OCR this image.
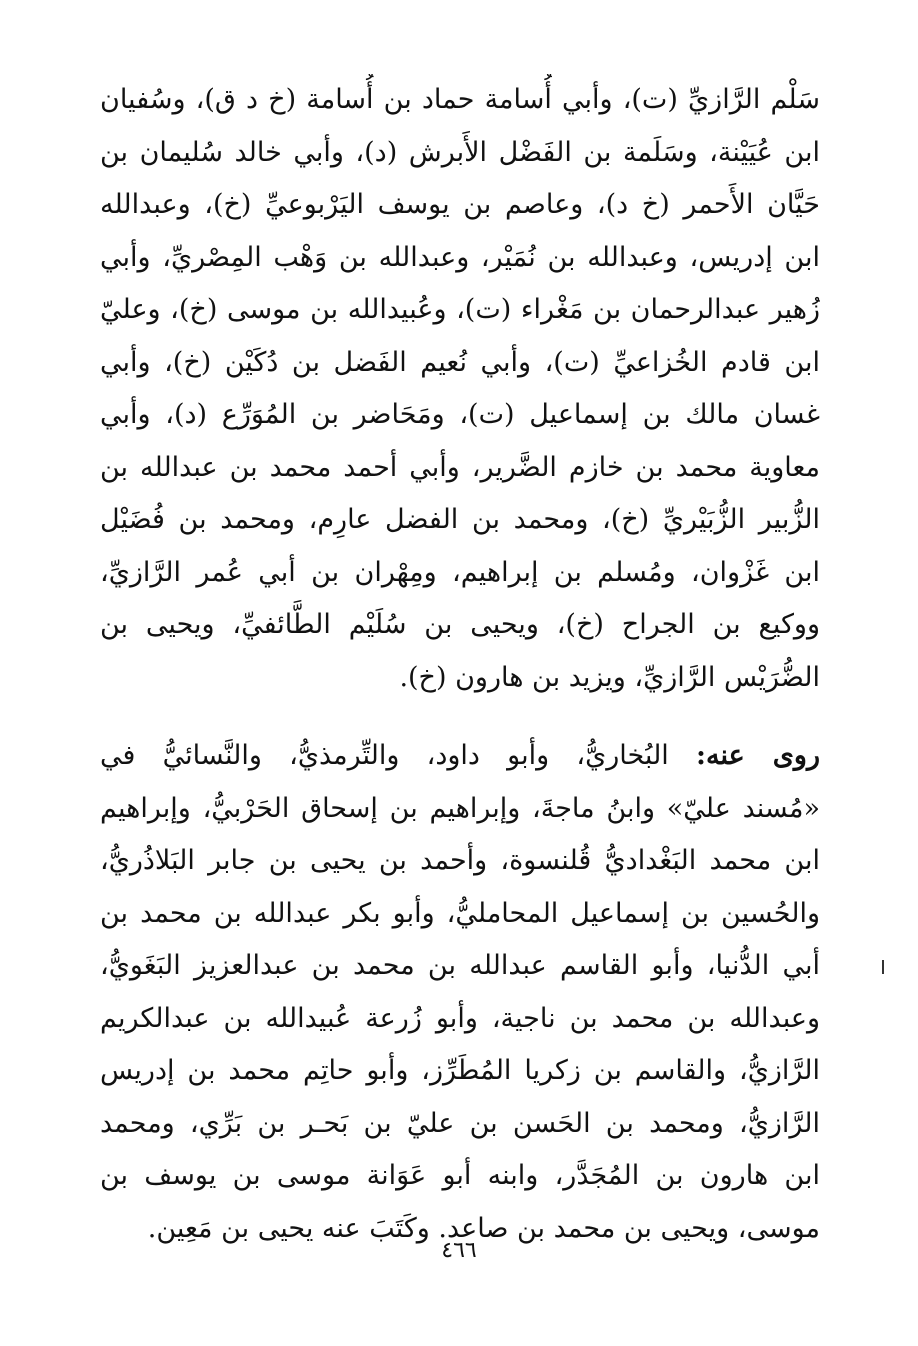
سَلْم الرَّازيِّ (ت)، وأبي أُسامة حماد بن أُسامة (خ د ق)، وسُفيان
ابن عُيَيْنة، وسَلَمة بن الفَضْل الأَبرش (د)، وأبي خالد سُليمان بن
حَيَّان الأَحمر (خ د)، وعاصم بن يوسف اليَرْبوعيِّ (خ)، وعبدالله
ابن إدريس، وعبدالله بن نُمَيْر، وعبدالله بن وَهْب المِصْريِّ، وأبي
زُهير عبدالرحمان بن مَغْراء (ت)، وعُبيدالله بن موسى (خ)، وعليّ
ابن قادم الخُزاعيِّ (ت)، وأبي نُعيم الفَضل بن دُكَيْن (خ)، وأبي
غسان مالك بن إسماعيل (ت)، ومَحَاضر بن المُوَرِّع (د)، وأبي
معاوية محمد بن خازم الضَّرير، وأبي أحمد محمد بن عبدالله بن
الزُّبير الزُّبَيْريِّ (خ)، ومحمد بن الفضل عارِم، ومحمد بن فُضَيْل
ابن غَزْوان، ومُسلم بن إبراهيم، ومِهْران بن أبي عُمر الرَّازيِّ،
ووكيع بن الجراح (خ)، ويحيى بن سُلَيْم الطَّائفيِّ، ويحيى بن
الضُّرَيْس الرَّازيِّ، ويزيد بن هارون (خ).
روى عنه: البُخاريُّ، وأبو داود، والتِّرمذيُّ، والنَّسائيُّ في
«مُسند عليّ» وابنُ ماجةَ، وإبراهيم بن إسحاق الحَرْبيُّ، وإبراهيم
ابن محمد البَغْداديُّ قُلنسوة، وأحمد بن يحيى بن جابر البَلاذُريُّ،
والحُسين بن إسماعيل المحامليُّ، وأبو بكر عبدالله بن محمد بن
أبي الدُّنيا، وأبو القاسم عبدالله بن محمد بن عبدالعزيز البَغَويُّ،
وعبدالله بن محمد بن ناجية، وأبو زُرعة عُبيدالله بن عبدالكريم
الرَّازيُّ، والقاسم بن زكريا المُطَرِّز، وأبو حاتِم محمد بن إدريس
الرَّازيُّ، ومحمد بن الحَسن بن عليّ بن بَحـر بن بَرِّي، ومحمد
ابن هارون بن المُجَدَّر، وابنه أبو عَوَانة موسى بن يوسف بن
موسى، ويحيى بن محمد بن صاعد. وكَتَبَ عنه يحيى بن مَعِين.
٤٦٦
